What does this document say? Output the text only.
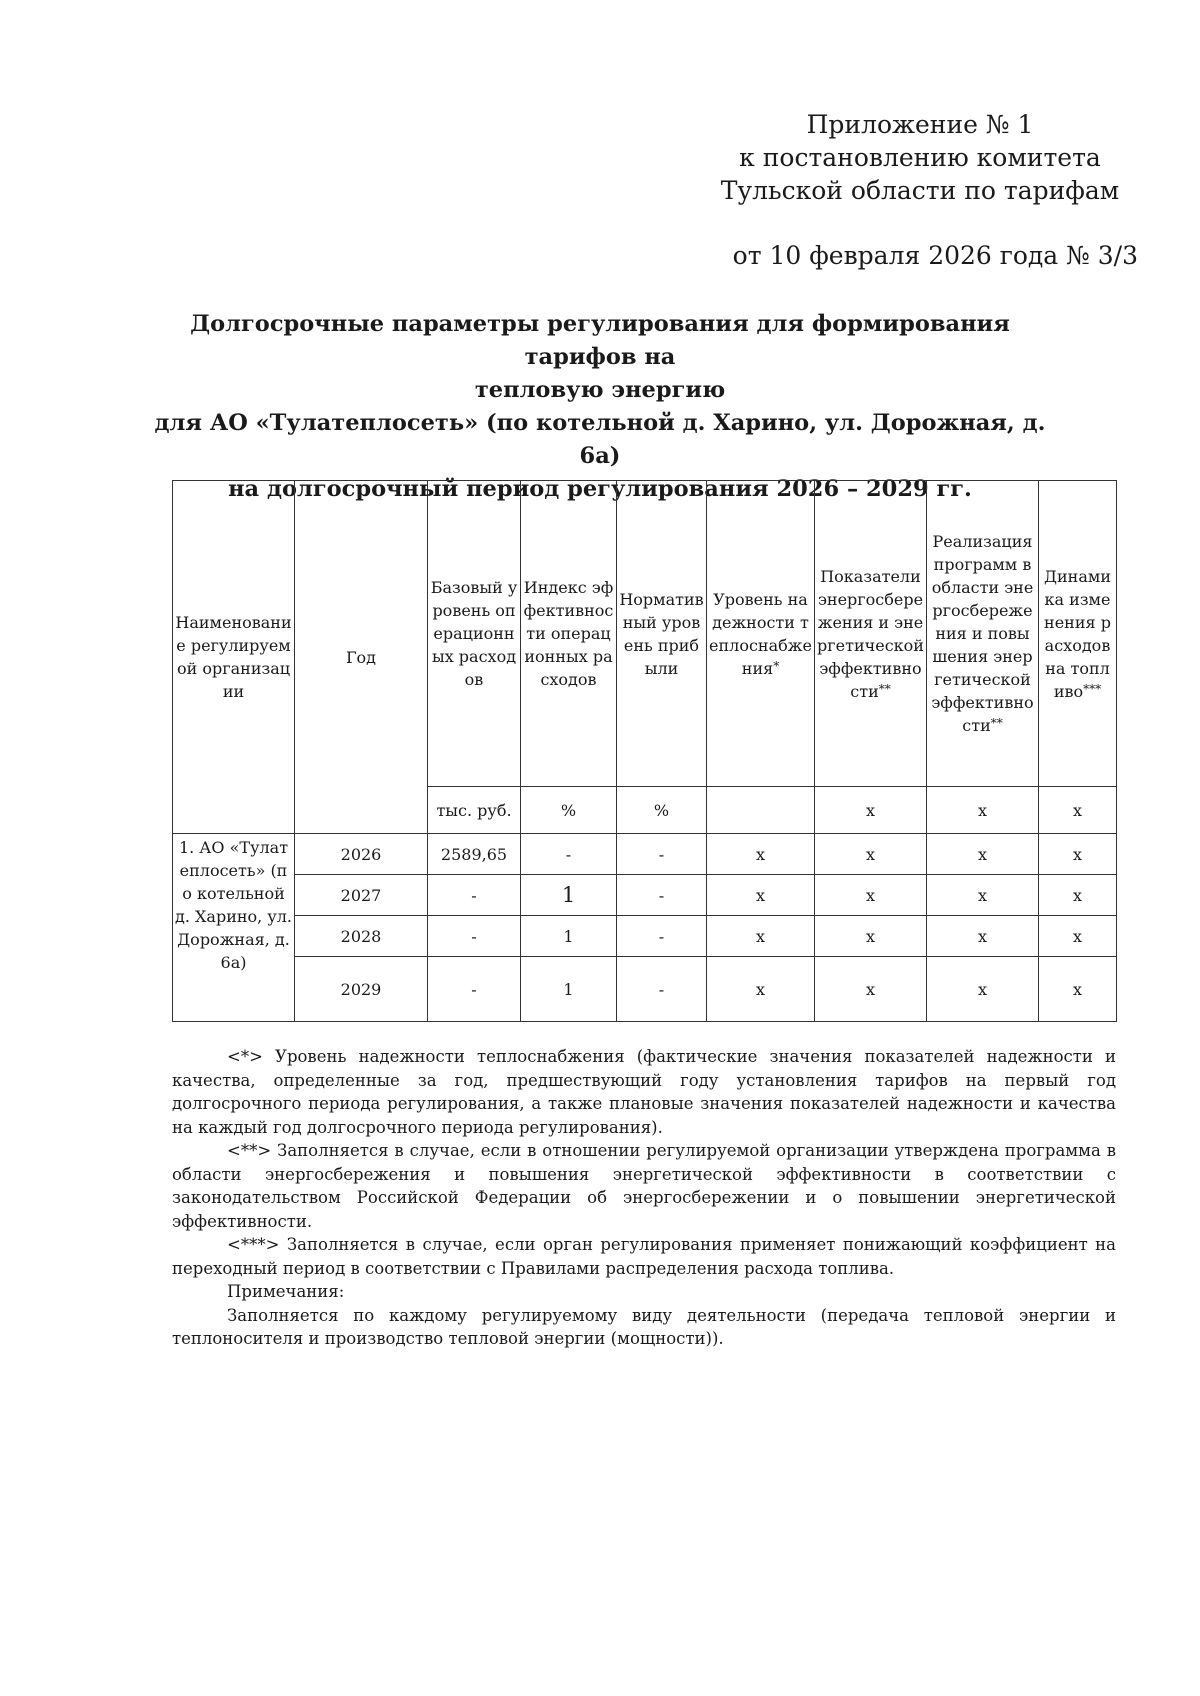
Приложение № 1
к постановлению комитета
Тульской области по тарифам
от 10 февраля 2026 года № 3/3
Долгосрочные параметры регулирования для формирования тарифов на
тепловую энергию
для АО «Тулатеплосеть» (по котельной д. Харино, ул. Дорожная, д. 6а)
на долгосрочный период регулирования 2026 – 2029 гг.
Наименование регулируемой организации	Год	Базовый уровень операционных расходов	Индекс эффективности операционных расходов	Нормативный уровень прибыли	Уровень надежности теплоснабжения*	Показатели энергосбережения и энергетической эффективности**	Реализация программ в области энергосбережения и повышения энергетической эффективности**	Динамика изменения расходов на топливо***
		тыс. руб.	%	%		х	х	х
1. АО «Тулатеплосеть» (по котельной д. Харино, ул. Дорожная, д. 6а)	2026	2589,65	-	-	х	х	х	х
	2027	-	1	-	х	х	х	х
	2028	-	1	-	х	х	х	х
	2029	-	1	-	х	х	х	х

<*> Уровень надежности теплоснабжения (фактические значения показателей надежности и качества, определенные за год, предшествующий году установления тарифов на первый год долгосрочного периода регулирования, а также плановые значения показателей надежности и качества на каждый год долгосрочного периода регулирования).

<**> Заполняется в случае, если в отношении регулируемой организации утверждена программа в области энергосбережения и повышения энергетической эффективности в соответствии с законодательством Российской Федерации об энергосбережении и о повышении энергетической эффективности.

<***> Заполняется в случае, если орган регулирования применяет понижающий коэффициент на переходный период в соответствии с Правилами распределения расхода топлива.

Примечания:

Заполняется по каждому регулируемому виду деятельности (передача тепловой энергии и теплоносителя и производство тепловой энергии (мощности)).
